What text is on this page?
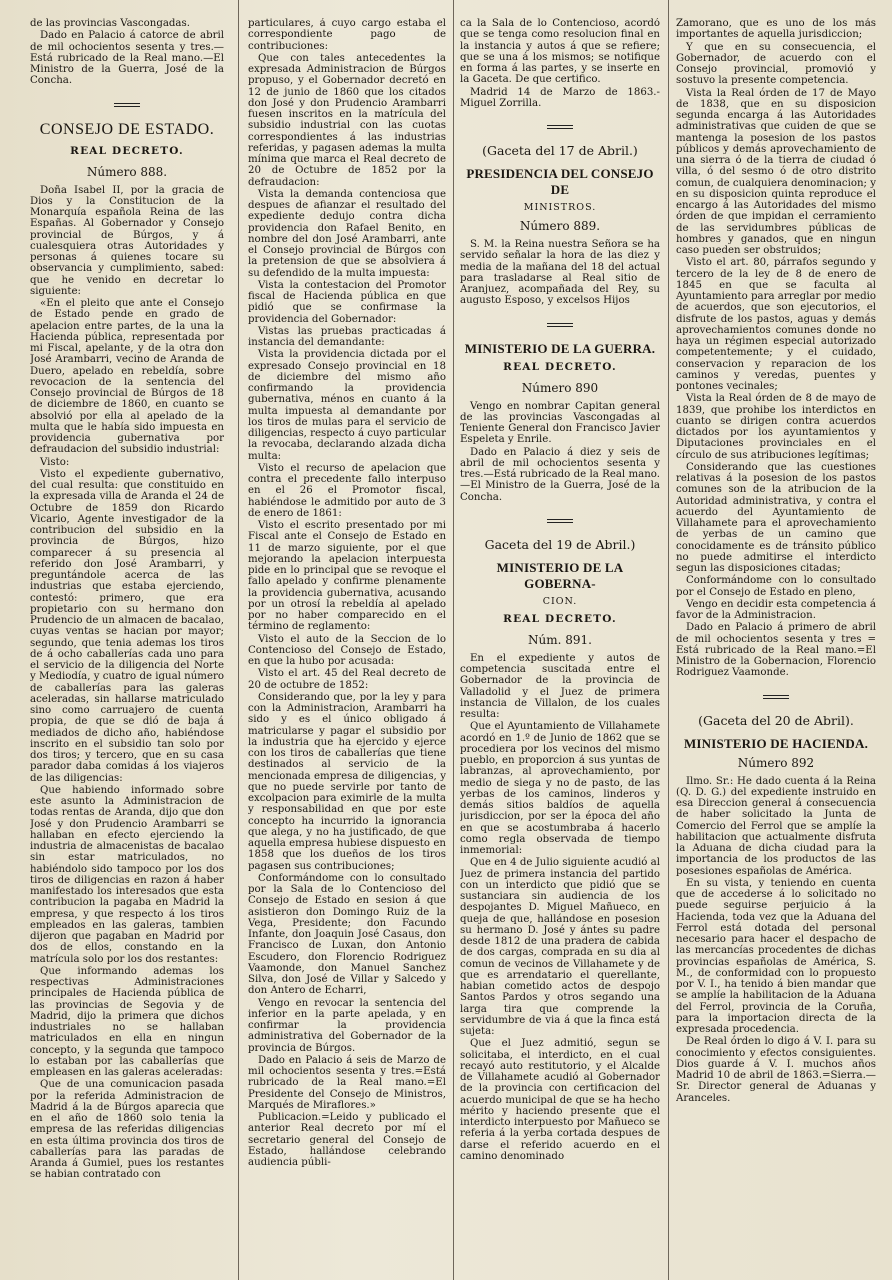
de las provincias Vascongadas.

Dado en Palacio á catorce de abril de mil ochocientos sesenta y tres.—Está rubricado de la Real mano.—El Ministro de la Guerra, José de la Concha.

CONSEJO DE ESTADO.
REAL DECRETO.
Número 888.

Doña Isabel II, por la gracia de Dios y la Constitucion de la Monarquía española Reina de las Españas. Al Gobernador y Consejo provincial de Búrgos, y á cualesquiera otras Autoridades y personas á quienes tocare su observancia y cumplimiento, sabed: que he venido en decretar lo siguiente:

«En el pleito que ante el Consejo de Estado pende en grado de apelacion entre partes, de la una la Hacienda pública, representada por mi Fiscal, apelante, y de la otra don José Arambarri, vecino de Aranda de Duero, apelado en rebeldía, sobre revocacion de la sentencia del Consejo provincial de Búrgos de 18 de diciembre de 1860, en cuanto se absolvió por ella al apelado de la multa que le había sido impuesta en providencia gubernativa por defraudacion del subsidio industrial:

Visto:

Visto el expediente gubernativo, del cual resulta: que constituido en la expresada villa de Aranda el 24 de Octubre de 1859 don Ricardo Vicario, Agente investigador de la contribucion del subsidio en la provincia de Búrgos, hizo comparecer á su presencia al referido don José Arambarri, y preguntándole acerca de las industrias que estaba ejerciendo, contestó: primero, que era propietario con su hermano don Prudencio de un almacen de bacalao, cuyas ventas se hacian por mayor; segundo, que tenia ademas los tiros de á ocho caballerías cada uno para el servicio de la diligencia del Norte y Mediodía, y cuatro de igual número de caballerías para las galeras aceleradas, sin hallarse matriculado sino como carruajero de cuenta propia, de que se dió de baja á mediados de dicho año, habiéndose inscrito en el subsidio tan solo por dos tiros; y tercero, que en su casa parador daba comidas á los viajeros de las diligencias:

Que habiendo informado sobre este asunto la Administracion de todas rentas de Aranda, dijo que don José y don Prudencio Arambarri se hallaban en efecto ejerciendo la industria de almacenistas de bacalao sin estar matriculados, no habiéndolo sido tampoco por los dos tiros de diligencias en razon á haber manifestado los interesados que esta contribucion la pagaba en Madrid la empresa, y que respecto á los tiros empleados en las galeras, tambien dijeron que pagaban en Madrid por dos de ellos, constando en la matrícula solo por los dos restantes:

Que informando ademas los respectivas Administraciones principales de Hacienda pública de las provincias de Segovia y de Madrid, dijo la primera que dichos industriales no se hallaban matriculados en ella en ningun concepto, y la segunda que tampoco lo estaban por las caballerías que empleasen en las galeras aceleradas:

Que de una comunicacion pasada por la referida Administracion de Madrid á la de Búrgos aparecia que en el año de 1860 solo tenia la empresa de las referidas diligencias en esta última provincia dos tiros de caballerías para las paradas de Aranda á Gumiel, pues los restantes se habian contratado con

particulares, á cuyo cargo estaba el correspondiente pago de contribuciones:

Que con tales antecedentes la expresada Administracion de Búrgos propuso, y el Gobernador decretó en 12 de junio de 1860 que los citados don José y don Prudencio Arambarri fuesen inscritos en la matrícula del subsidio industrial con las cuotas correspondientes á las industrias referidas, y pagasen ademas la multa mínima que marca el Real decreto de 20 de Octubre de 1852 por la defraudacion:

Vista la demanda contenciosa que despues de afianzar el resultado del expediente dedujo contra dicha providencia don Rafael Benito, en nombre del don José Arambarri, ante el Consejo provincial de Búrgos con la pretension de que se absolviera á su defendido de la multa impuesta:

Vista la contestacion del Promotor fiscal de Hacienda pública en que pidió que se confirmase la providencia del Gobernador:

Vistas las pruebas practicadas á instancia del demandante:

Vista la providencia dictada por el expresado Consejo provincial en 18 de diciembre del mismo año confirmando la providencia gubernativa, ménos en cuanto á la multa impuesta al demandante por los tiros de mulas para el servicio de diligencias, respecto á cuyo particular la revocaba, declarando alzada dicha multa:

Visto el recurso de apelacion que contra el precedente fallo interpuso en el 26 el Promotor fiscal, habiéndose le admitido por auto de 3 de enero de 1861:

Visto el escrito presentado por mi Fiscal ante el Consejo de Estado en 11 de marzo siguiente, por el que mejorando la apelacion interpuesta pide en lo principal que se revoque el fallo apelado y confirme plenamente la providencia gubernativa, acusando por un otrosí la rebeldía al apelado por no haber comparecido en el término de reglamento:

Visto el auto de la Seccion de lo Contencioso del Consejo de Estado, en que la hubo por acusada:

Visto el art. 45 del Real decreto de 20 de octubre de 1852:

Considerando que, por la ley y para con la Administracion, Arambarri ha sido y es el único obligado á matricularse y pagar el subsidio por la industria que ha ejercido y ejerce con los tiros de caballerías que tiene destinados al servicio de la mencionada empresa de diligencias, y que no puede servirle por tanto de excolpacion para eximirle de la multa y responsabilidad en que por este concepto ha incurrido la ignorancia que alega, y no ha justificado, de que aquella empresa hubiese dispuesto en 1858 que los dueños de los tiros pagasen sus contribuciones;

Conformándome con lo consultado por la Sala de lo Contencioso del Consejo de Estado en sesion á que asistieron don Domingo Ruiz de la Vega, Presidente; don Facundo Infante, don Joaquin José Casaus, don Francisco de Luxan, don Antonio Escudero, don Florencio Rodriguez Vaamonde, don Manuel Sanchez Silva, don José de Villar y Salcedo y don Antero de Echarri,

Vengo en revocar la sentencia del inferior en la parte apelada, y en confirmar la providencia administrativa del Gobernador de la provincia de Búrgos.

Dado en Palacio á seis de Marzo de mil ochocientos sesenta y tres.=Está rubricado de la Real mano.=El Presidente del Consejo de Ministros, Marqués de Miraflores.»

Publicacion.=Leido y publicado el anterior Real decreto por mí el secretario general del Consejo de Estado, hallándose celebrando audiencia públi-

ca la Sala de lo Contencioso, acordó que se tenga como resolucion final en la instancia y autos á que se refiere; que se una á los mismos; se notifique en forma á las partes, y se inserte en la Gaceta. De que certifico.

Madrid 14 de Marzo de 1863.-Miguel Zorrilla.

(Gaceta del 17 de Abril.)
PRESIDENCIA DEL CONSEJO DE
MINISTROS.
Número 889.

S. M. la Reina nuestra Señora se ha servido señalar la hora de las diez y media de la mañana del 18 del actual para trasladarse al Real sitio de Aranjuez, acompañada del Rey, su augusto Esposo, y excelsos Hijos

MINISTERIO DE LA GUERRA.
REAL DECRETO.
Número 890

Vengo en nombrar Capitan general de las provincias Vascongadas al Teniente General don Francisco Javier Espeleta y Enrile.

Dado en Palacio á diez y seis de abril de mil ochocientos sesenta y tres.—Está rubricado de la Real mano.—El Ministro de la Guerra, José de la Concha.

Gaceta del 19 de Abril.)
MINISTERIO DE LA GOBERNA-
CION.
REAL DECRETO.
Núm. 891.

En el expediente y autos de competencia suscitada entre el Gobernador de la provincia de Valladolid y el Juez de primera instancia de Villalon, de los cuales resulta:

Que el Ayuntamiento de Villahamete acordó en 1.º de Junio de 1862 que se procediera por los vecinos del mismo pueblo, en proporcion á sus yuntas de labranzas, al aprovechamiento, por medio de siega y no de pasto, de las yerbas de los caminos, linderos y demás sitios baldíos de aquella jurisdiccion, por ser la época del año en que se acostumbraba á hacerlo como regla observada de tiempo inmemorial:

Que en 4 de Julio siguiente acudió al Juez de primera instancia del partido con un interdicto que pidió que se sustanciara sin audiencia de los despojantes D. Miguel Mañueco, en queja de que, hallándose en posesion su hermano D. José y ántes su padre desde 1812 de una pradera de cabida de dos cargas, comprada en su dia al comun de vecinos de Villahamete y de que es arrendatario el querellante, habian cometido actos de despojo Santos Pardos y otros segando una larga tira que comprende la servidumbre de via á que la finca está sujeta:

Que el Juez admitió, segun se solicitaba, el interdicto, en el cual recayó auto restitutorio, y el Alcalde de Villahamete acudió al Gobernador de la provincia con certificacion del acuerdo municipal de que se ha hecho mérito y haciendo presente que el interdicto interpuesto por Mañueco se referia á la yerba cortada despues de darse el referido acuerdo en el camino denominado

Zamorano, que es uno de los más importantes de aquella jurisdiccion;

Y que en su consecuencia, el Gobernador, de acuerdo con el Consejo provincial, promovió y sostuvo la presente competencia.

Vista la Real órden de 17 de Mayo de 1838, que en su disposicion segunda encarga á las Autoridades administrativas que cuiden de que se mantenga la posesion de los pastos públicos y demás aprovechamiento de una sierra ó de la tierra de ciudad ó villa, ó del sesmo ó de otro distrito comun, de cualquiera denominacion; y en su disposicion quinta reproduce el encargo á las Autoridades del mismo órden de que impidan el cerramiento de las servidumbres públicas de hombres y ganados, que en ningun caso pueden ser obstruidos;

Visto el art. 80, párrafos segundo y tercero de la ley de 8 de enero de 1845 en que se faculta al Ayuntamiento para arreglar por medio de acuerdos, que son ejecutorios, el disfrute de los pastos, aguas y demás aprovechamientos comunes donde no haya un régimen especial autorizado competentemente; y el cuidado, conservacion y reparacion de los caminos y veredas, puentes y pontones vecinales;

Vista la Real órden de 8 de mayo de 1839, que prohibe los interdictos en cuanto se dirigen contra acuerdos dictados por los ayuntamientos y Diputaciones provinciales en el círculo de sus atribuciones legítimas;

Considerando que las cuestiones relativas á la posesion de los pastos comunes son de la atribucion de la Autoridad administrativa, y contra el acuerdo del Ayuntamiento de Villahamete para el aprovechamiento de yerbas de un camino que conocidamente es de tránsito público no puede admitirse el interdicto segun las disposiciones citadas;

Conformándome con lo consultado por el Consejo de Estado en pleno,

Vengo en decidir esta competencia á favor de la Administracion.

Dado en Palacio á primero de abril de mil ochocientos sesenta y tres = Está rubricado de la Real mano.=El Ministro de la Gobernacion, Florencio Rodriguez Vaamonde.

(Gaceta del 20 de Abril).
MINISTERIO DE HACIENDA.
Número 892

Ilmo. Sr.: He dado cuenta á la Reina (Q. D. G.) del expediente instruido en esa Direccion general á consecuencia de haber solicitado la Junta de Comercio del Ferrol que se amplíe la habilitacion que actualmente disfruta la Aduana de dicha ciudad para la importancia de los productos de las posesiones españolas de América.

En su vista, y teniendo en cuenta que de accederse á lo solicitado no puede seguirse perjuicio á la Hacienda, toda vez que la Aduana del Ferrol está dotada del personal necesario para hacer el despacho de las mercancías procedentes de dichas provincias españolas de América, S. M., de conformidad con lo propuesto por V. I., ha tenido á bien mandar que se amplíe la habilitacion de la Aduana del Ferrol, provincia de la Coruña, para la importacion directa de la expresada procedencia.

De Real órden lo digo á V. I. para su conocimiento y efectos consiguientes. Dios guarde á V. I. muchos años Madrid 10 de abril de 1863.=Sierra.—Sr. Director general de Aduanas y Aranceles.
